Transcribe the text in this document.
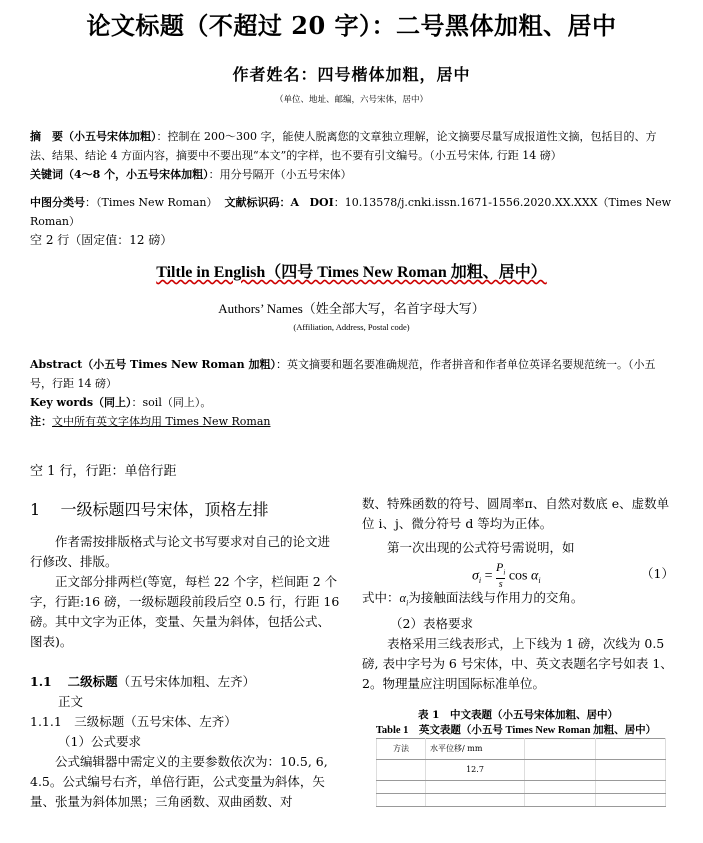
论文标题（不超过 20 字）：二号黑体加粗、居中
作者姓名：四号楷体加粗，居中
（单位、地址、邮编，六号宋体，居中）
摘　要（小五号宋体加粗）：控制在 200～300 字，能使人脱离您的文章独立理解，论文摘要尽量写成报道性文摘，包括目的、方法、结果、结论 4 方面内容，摘要中不要出现“本文”的字样，也不要有引文编号。（小五号宋体, 行距 14 磅）
关键词（4～8 个，小五号宋体加粗）：用分号隔开（小五号宋体）
中图分类号：（Times New Roman） 文献标识码：A DOI：10.13578/j.cnki.issn.1671-1556.2020.XX.XXX（Times New Roman）
空 2 行（固定值：12 磅）
Tiltle in English（四号 Times New Roman 加粗、居中）
Authors’ Names（姓全部大写，名首字母大写）
(Affiliation, Address, Postal code)
Abstract（小五号 Times New Roman 加粗）：英文摘要和题名要准确规范，作者拼音和作者单位英译名要规范统一。（小五号，行距 14 磅）
Key words（同上）：soil（同上）。
注：文中所有英文字体均用 Times New Roman
空 1 行，行距：单倍行距
1 一级标题四号宋体，顶格左排
作者需按排版格式与论文书写要求对自己的论文进行修改、排版。
正文部分排两栏(等宽，每栏 22 个字，栏间距 2 个字，行距:16 磅，一级标题段前段后空 0.5 行，行距 16 磅。其中文字为正体，变量、矢量为斜体，包括公式、图表)。
1.1 二级标题（五号宋体加粗、左齐）
正文
1.1.1　三级标题（五号宋体、左齐）
（1）公式要求
公式编辑器中需定义的主要参数依次为：10.5, 6, 4.5。公式编号右齐，单倍行距，公式变量为斜体，矢量、张量为斜体加黑；三角函数、双曲函数、对
数、特殊函数的符号、圆周率π、自然对数底 e、虚数单位 i、j、微分符号 d 等均为正体。
第一次出现的公式符号需说明，如
$\sigma_i$ =
$P_i$
s
$\cos \alpha_i$	（1）
式中：$\alpha_i$为接触面法线与作用力的交角。
（2）表格要求
表格采用三线表形式，上下线为 1 磅，次线为 0.5 磅, 表中字号为 6 号宋体，中、英文表题名字号如表 1、2。物理量应注明国际标准单位。
表 1　中文表题（小五号宋体加粗、居中）
Table 1　英文表题（小五号 Times New Roman 加粗、居中）
方法	水平位移/ mm		
	12.7		
